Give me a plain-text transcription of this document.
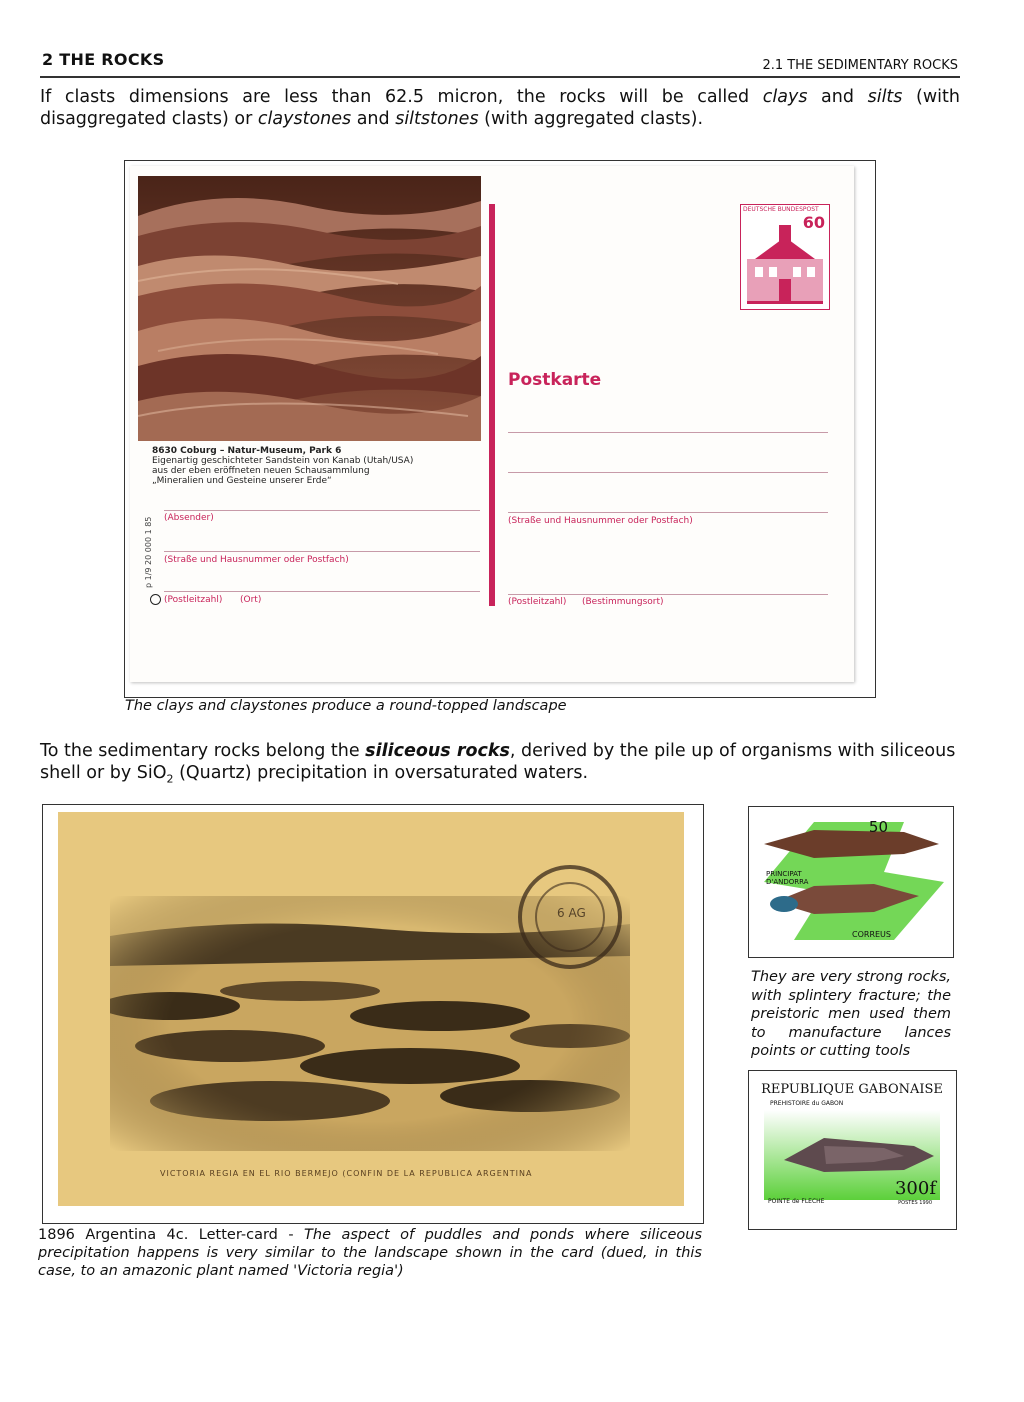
2 THE ROCKS	2.1 THE SEDIMENTARY ROCKS
If clasts dimensions are less than 62.5 micron, the rocks will be called clays and silts (with disaggregated clasts) or claystones and siltstones (with aggregated clasts).
8630 Coburg – Natur-Museum, Park 6
Eigenartig geschichteter Sandstein von Kanab (Utah/USA)
aus der eben eröffneten neuen Schausammlung
„Mineralien und Gesteine unserer Erde“
(Absender)
(Straße und Hausnummer oder Postfach)
(Postleitzahl) (Ort)
p 1/9 20 000 1 85
DEUTSCHE BUNDESPOST
60
Postkarte
(Straße und Hausnummer oder Postfach)
(Postleitzahl) (Bestimmungsort)
The clays and claystones produce a round-topped landscape
To the sedimentary rocks belong the siliceous rocks, derived by the pile up of organisms with siliceous shell or by SiO$_2$ (Quartz) precipitation in oversaturated waters.
6 AG
VICTORIA REGIA EN EL RIO BERMEJO (CONFIN DE LA REPUBLICA ARGENTINA
1896 Argentina 4c. Letter-card - The aspect of puddles and ponds where siliceous precipitation happens is very similar to the landscape shown in the card (dued, in this case, to an amazonic plant named 'Victoria regia')
50
PRINCIPAT D'ANDORRA
CORREUS
They are very strong rocks, with splintery fracture; the preistoric men used them to manufacture lances points or cutting tools
REPUBLIQUE GABONAISE
PREHISTOIRE du GABON
POINTE de FLECHE
300f
POSTES 1990
